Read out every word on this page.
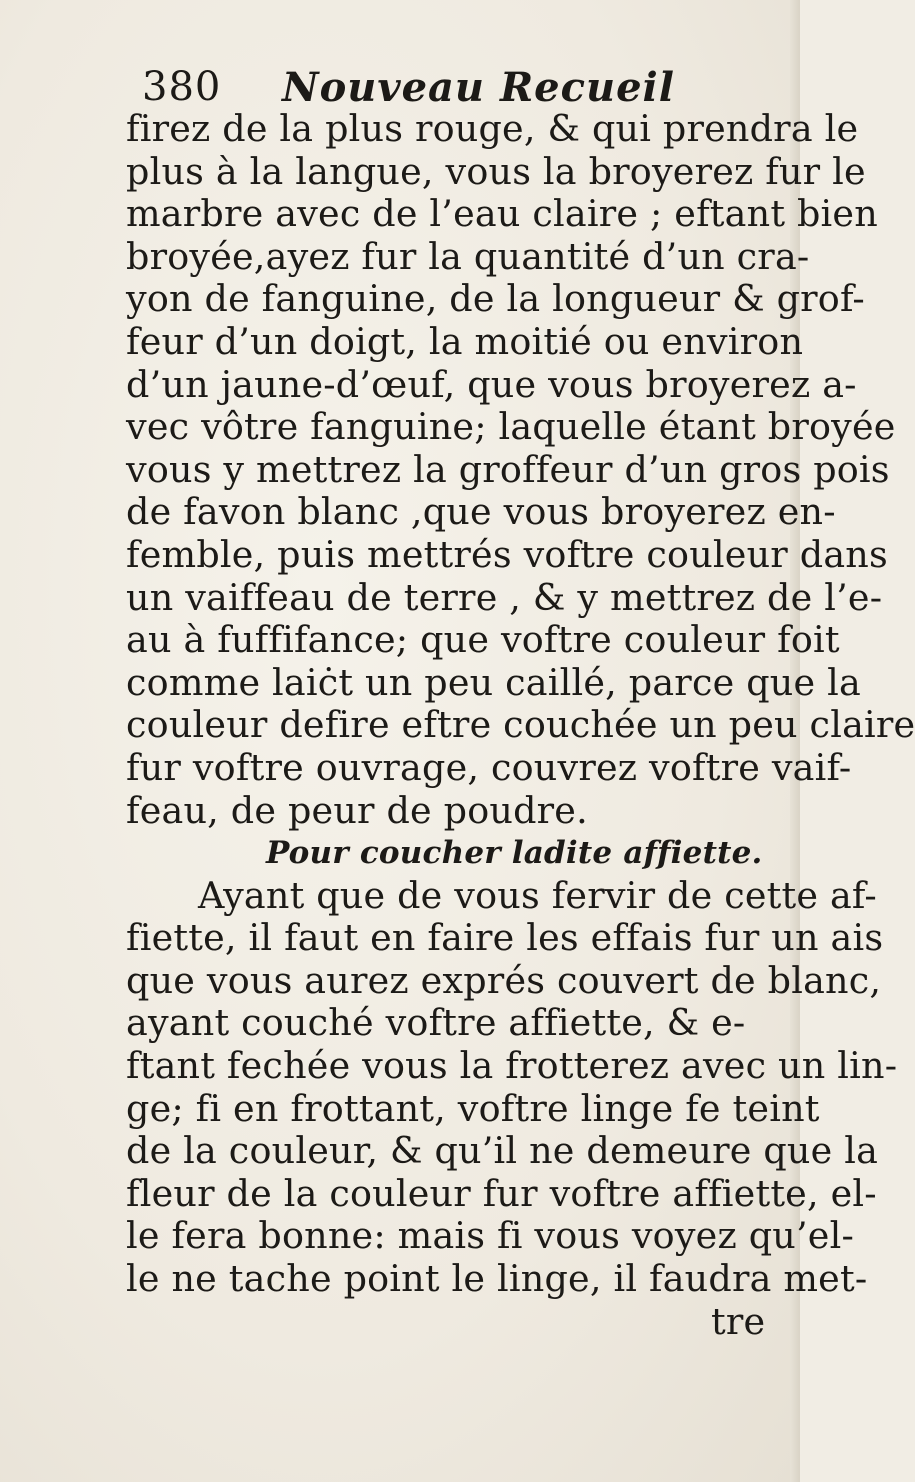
380 Nouveau Recueil
firez de la plus rouge, & qui prendra le
plus à la langue, vous la broyerez fur le
marbre avec de l’eau claire ; eftant bien
broyée,ayez fur la quantité d’un cra-
yon de fanguine, de la longueur & grof-
feur d’un doigt, la moitié ou environ
d’un jaune-d’œuf, que vous broyerez a-
vec vôtre fanguine; laquelle étant broyée
vous y mettrez la groffeur d’un gros pois
de favon blanc ,que vous broyerez en-
femble, puis mettrés voftre couleur dans
un vaiffeau de terre , & y mettrez de l’e-
au à fuffifance; que voftre couleur foit
comme laiċt un peu caillé, parce que la
couleur defire eftre couchée un peu claire
fur voftre ouvrage, couvrez voftre vaif-
feau, de peur de poudre.
Pour coucher ladite affiette.
Ayant que de vous fervir de cette af-
fiette, il faut en faire les effais fur un ais
que vous aurez exprés couvert de blanc,
ayant couché voftre affiette, & e-
ftant fechée vous la frotterez avec un lin-
ge; fi en frottant, voftre linge fe teint
de la couleur, & qu’il ne demeure que la
fleur de la couleur fur voftre affiette, el-
le fera bonne: mais fi vous voyez qu’el-
le ne tache point le linge, il faudra met-
tre
